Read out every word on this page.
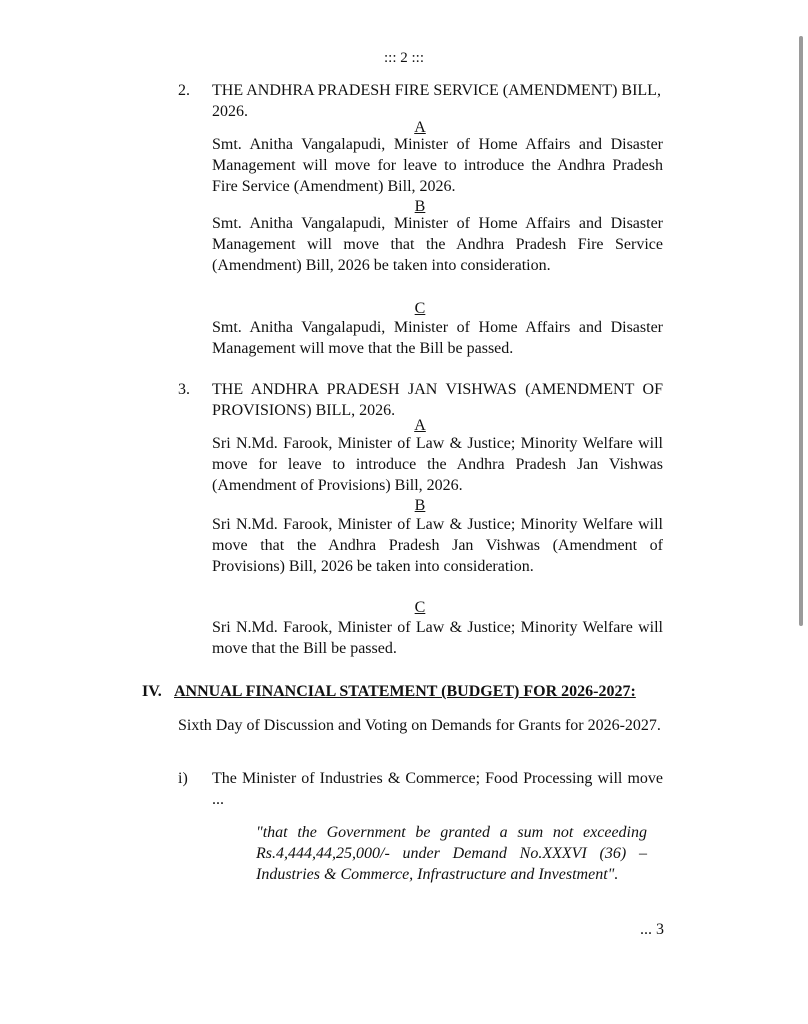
::: 2 :::
2. THE ANDHRA PRADESH FIRE SERVICE (AMENDMENT) BILL, 2026.
A
Smt. Anitha Vangalapudi, Minister of Home Affairs and Disaster Management will move for leave to introduce the Andhra Pradesh Fire Service (Amendment) Bill, 2026.
B
Smt. Anitha Vangalapudi, Minister of Home Affairs and Disaster Management will move that the Andhra Pradesh Fire Service (Amendment) Bill, 2026 be taken into consideration.
C
Smt. Anitha Vangalapudi, Minister of Home Affairs and Disaster Management will move that the Bill be passed.
3. THE ANDHRA PRADESH JAN VISHWAS (AMENDMENT OF PROVISIONS) BILL, 2026.
A
Sri N.Md. Farook, Minister of Law & Justice; Minority Welfare will move for leave to introduce the Andhra Pradesh Jan Vishwas (Amendment of Provisions) Bill, 2026.
B
Sri N.Md. Farook, Minister of Law & Justice; Minority Welfare will move that the Andhra Pradesh Jan Vishwas (Amendment of Provisions) Bill, 2026 be taken into consideration.
C
Sri N.Md. Farook, Minister of Law & Justice; Minority Welfare will move that the Bill be passed.
IV. ANNUAL FINANCIAL STATEMENT (BUDGET) FOR 2026-2027:
Sixth Day of Discussion and Voting on Demands for Grants for 2026-2027.
i) The Minister of Industries & Commerce; Food Processing will move ...
"that the Government be granted a sum not exceeding Rs.4,444,44,25,000/- under Demand No.XXXVI (36) – Industries & Commerce, Infrastructure and Investment".
... 3
